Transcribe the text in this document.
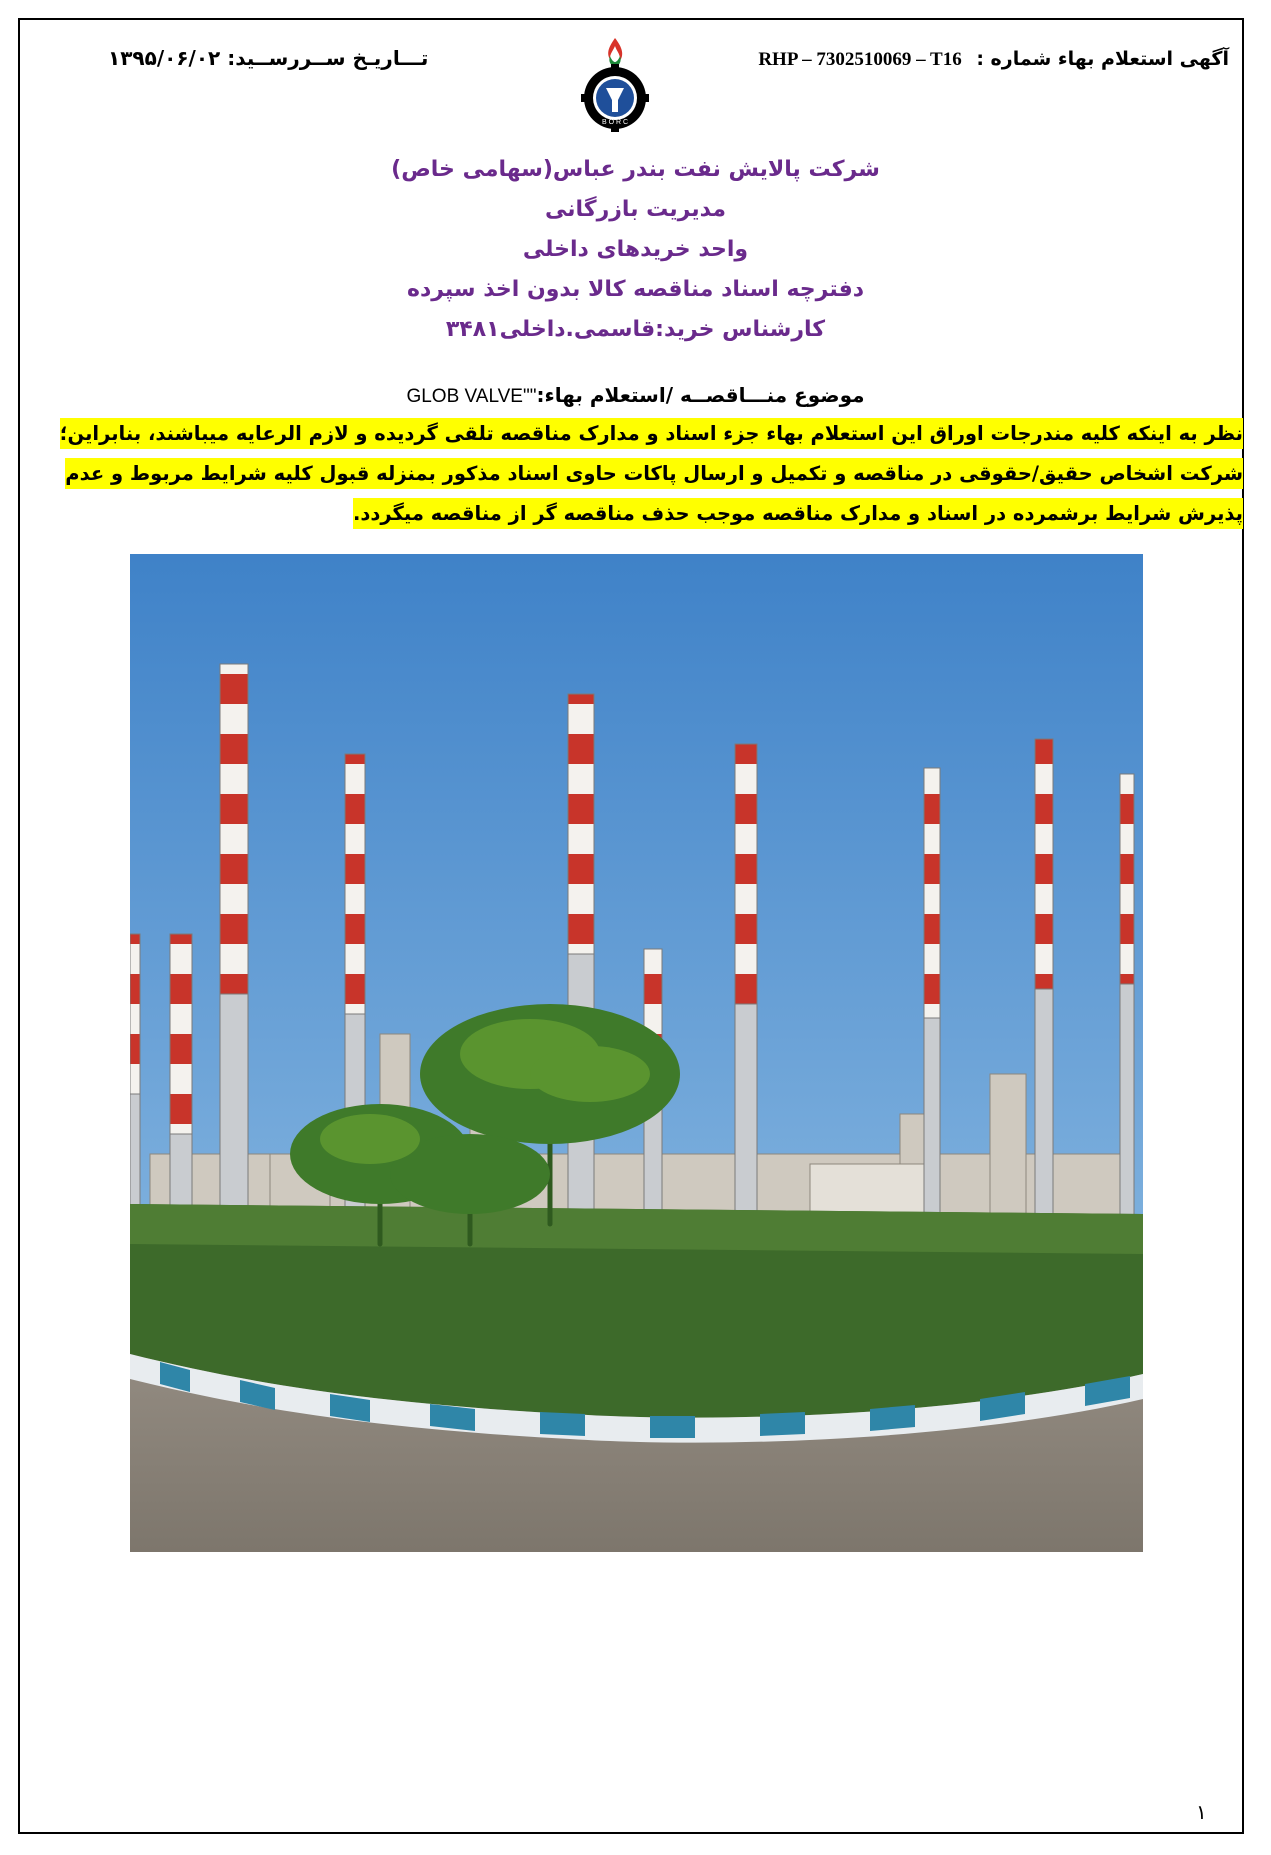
آگهی استعلام بهاء شماره : RHP – 7302510069 – T16
تـــاریـخ ســرر‌ســید: ۱۳۹۵/۰۶/۰۲
B O R C
شرکت پالایش نفت بندر عباس(سهامی خاص)
مدیریت بازرگانی
واحد خریدهای داخلی
دفترچه اسناد مناقصه کالا بدون اخذ سپرده
کارشناس خرید:قاسمی.داخلی۳۴۸۱
موضوع منـــاقصــه /استعلام بهاء:""GLOB VALVE
نظر به اینکه کلیه مندرجات اوراق این استعلام بهاء جزء اسناد و مدارک مناقصه تلقی گردیده و لازم الرعایه میباشند، بنابراین؛
شرکت اشخاص حقیق/حقوقی در مناقصه و تکمیل و ارسال پاکات حاوی اسناد مذکور بمنزله قبول کلیه شرایط مربوط و عدم
پذیرش شرایط برشمرده در اسناد و مدارک مناقصه موجب حذف مناقصه گر از مناقصه میگردد.
۱
